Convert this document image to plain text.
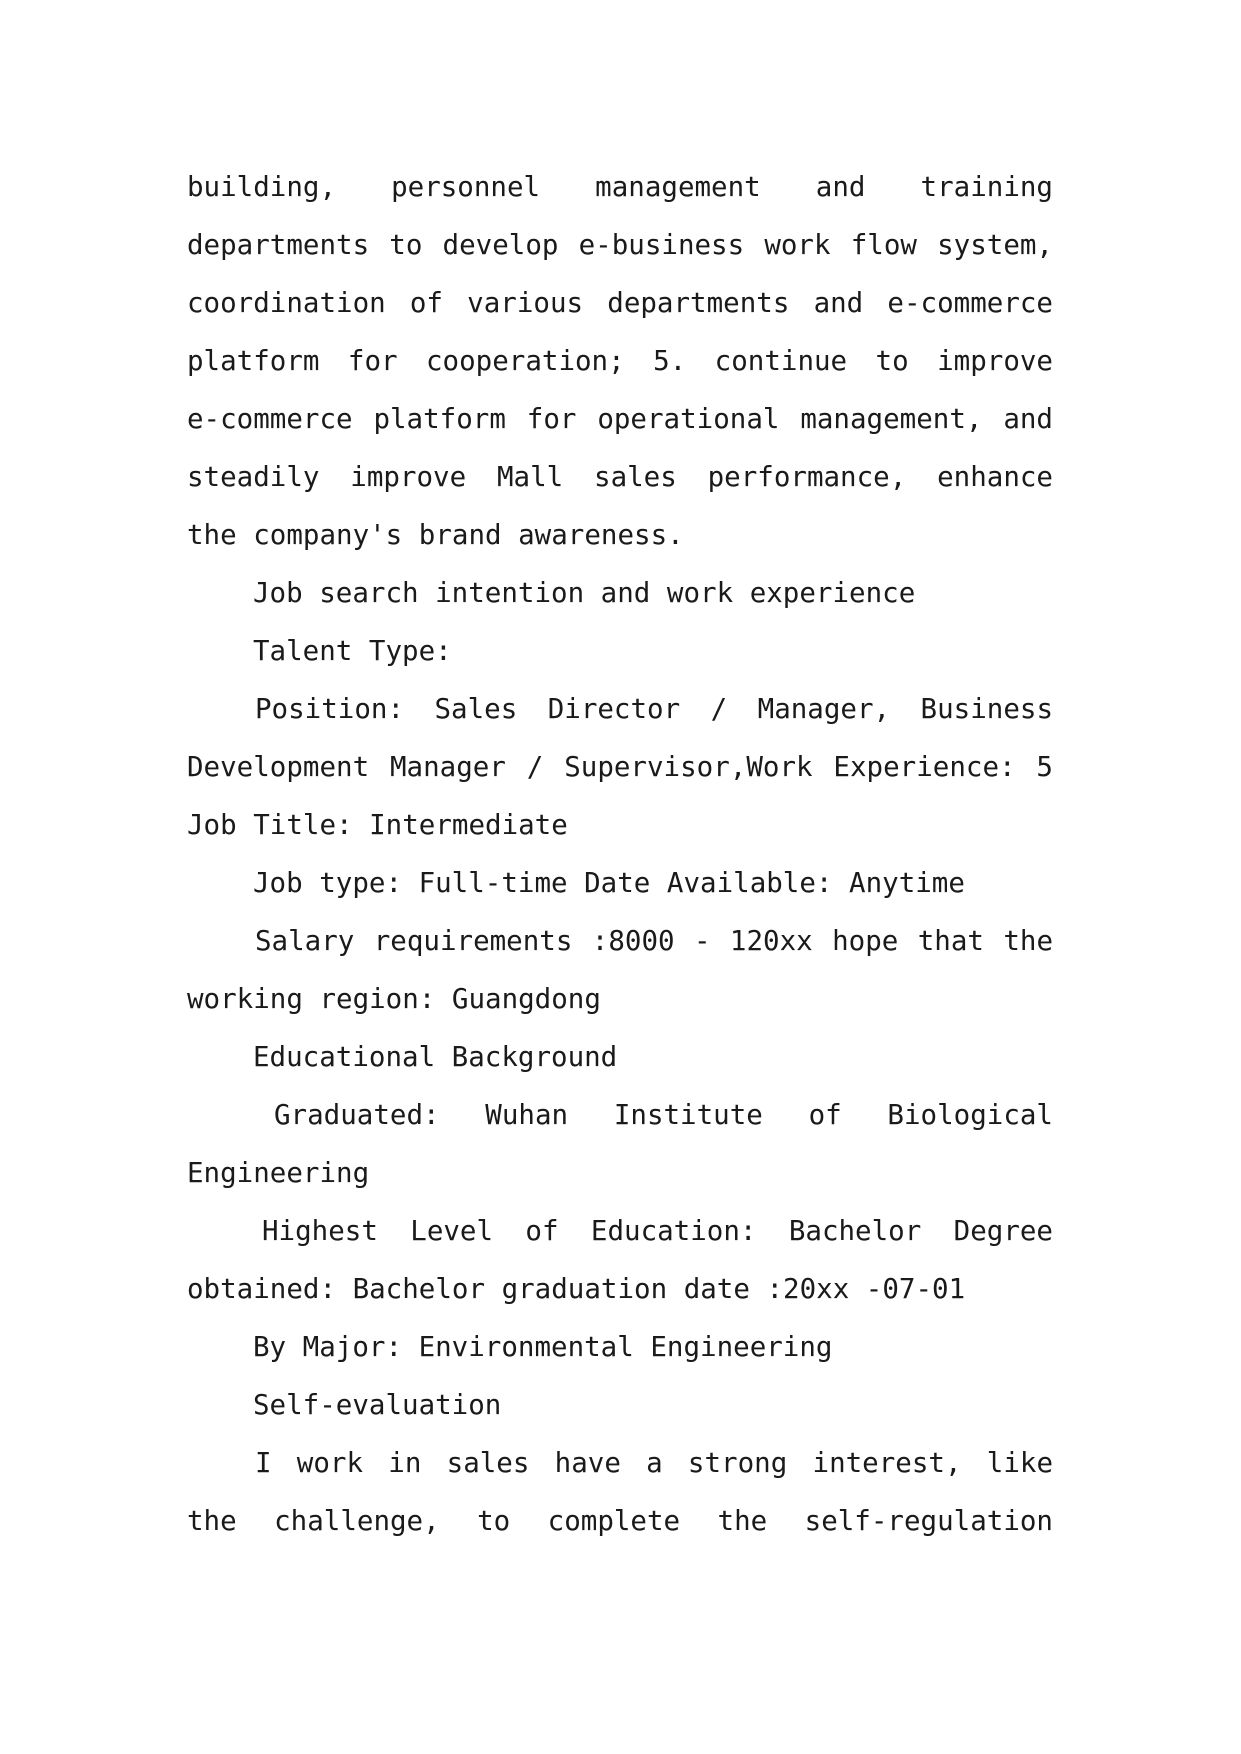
building, personnel management and training
departments to develop e-business work flow system,
coordination of various departments and e-commerce
platform for cooperation; 5. continue to improve
e-commerce platform for operational management, and
steadily improve Mall sales performance, enhance
the company's brand awareness.
Job search intention and work experience
Talent Type:
Position: Sales Director / Manager, Business
Development Manager / Supervisor,Work Experience: 5
Job Title: Intermediate
Job type: Full-time Date Available: Anytime
Salary requirements :8000 - 120xx hope that the
working region: Guangdong
Educational Background
Graduated: Wuhan Institute of Biological
Engineering
Highest Level of Education: Bachelor Degree
obtained: Bachelor graduation date :20xx -07-01
By Major: Environmental Engineering
Self-evaluation
I work in sales have a strong interest, like
the challenge, to complete the self-regulation
